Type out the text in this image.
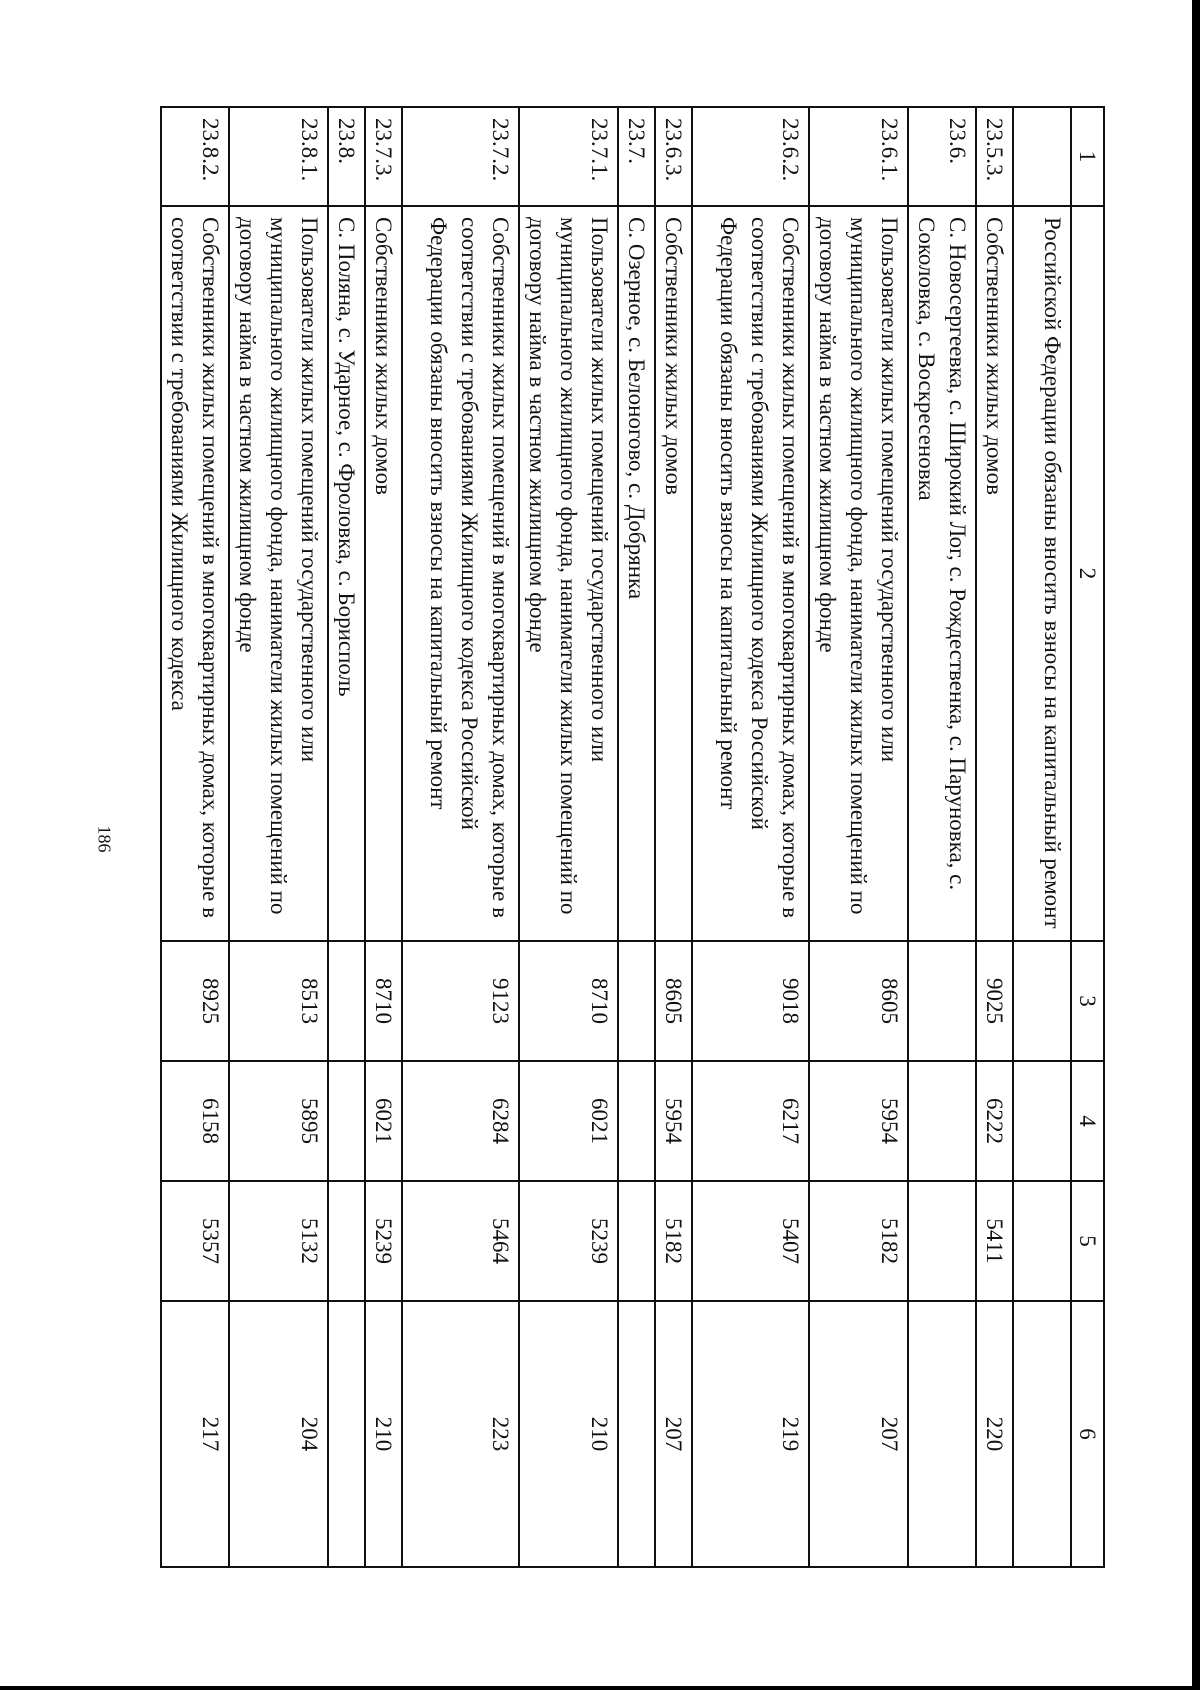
186
1	2	3	4	5	6
	Российской Федерации обязаны вносить взносы на капитальный ремонт				
23.5.3.	Собственники жилых домов	9025	6222	5411	220
23.6.	С. Новосергеевка, с. Широкий Лог, с. Рождественка, с. Паруновка, с. Соколовка, с. Воскресеновка				
23.6.1.	Пользователи жилых помещений государственного или муниципального жилищного фонда, наниматели жилых помещений по договору найма в частном жилищном фонде	8605	5954	5182	207
23.6.2.	Собственники жилых помещений в многоквартирных домах, которые в соответствии с требованиями Жилищного кодекса Российской Федерации обязаны вносить взносы на капитальный ремонт	9018	6217	5407	219
23.6.3.	Собственники жилых домов	8605	5954	5182	207
23.7.	С. Озерное, с. Белоногово, с. Добрянка				
23.7.1.	Пользователи жилых помещений государственного или муниципального жилищного фонда, наниматели жилых помещений по договору найма в частном жилищном фонде	8710	6021	5239	210
23.7.2.	Собственники жилых помещений в многоквартирных домах, которые в соответствии с требованиями Жилищного кодекса Российской Федерации обязаны вносить взносы на капитальный ремонт	9123	6284	5464	223
23.7.3.	Собственники жилых домов	8710	6021	5239	210
23.8.	С. Поляна, с. Ударное, с. Фроловка, с. Борисполь				
23.8.1.	Пользователи жилых помещений государственного или муниципального жилищного фонда, наниматели жилых помещений по договору найма в частном жилищном фонде	8513	5895	5132	204
23.8.2.	Собственники жилых помещений в многоквартирных домах, которые в соответствии с требованиями Жилищного кодекса	8925	6158	5357	217
